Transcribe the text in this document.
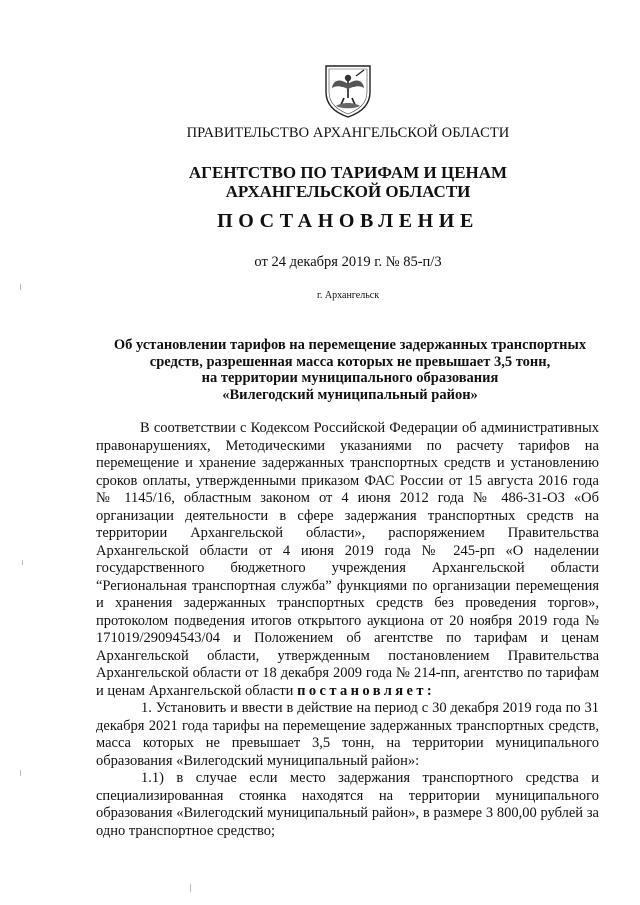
ПРАВИТЕЛЬСТВО АРХАНГЕЛЬСКОЙ ОБЛАСТИ
АГЕНТСТВО ПО ТАРИФАМ И ЦЕНАМ
АРХАНГЕЛЬСКОЙ ОБЛАСТИ
ПОСТАНОВЛЕНИЕ
от 24 декабря 2019 г. № 85-п/3
г. Архангельск
Об установлении тарифов на перемещение задержанных транспортных
средств, разрешенная масса которых не превышает 3,5 тонн,
на территории муниципального образования
«Вилегодский муниципальный район»

В соответствии с Кодексом Российской Федерации об административных правонарушениях, Методическими указаниями по расчету тарифов на перемещение и хранение задержанных транспортных средств и установлению сроков оплаты, утвержденными приказом ФАС России от 15 августа 2016 года № 1145/16, областным законом от 4 июня 2012 года № 486-31-ОЗ «Об организации деятельности в сфере задержания транспортных средств на территории Архангельской области», распоряжением Правительства Архангельской области от 4 июня 2019 года № 245-рп «О наделении государственного бюджетного учреждения Архангельской области “Региональная транспортная служба” функциями по организации перемещения и хранения задержанных транспортных средств без проведения торгов», протоколом подведения итогов открытого аукциона от 20 ноября 2019 года № 171019/29094543/04 и Положением об агентстве по тарифам и ценам Архангельской области, утвержденным постановлением Правительства Архангельской области от 18 декабря 2009 года № 214-пп, агентство по тарифам и ценам Архангельской области постановляет:

1. Установить и ввести в действие на период с 30 декабря 2019 года по 31 декабря 2021 года тарифы на перемещение задержанных транспортных средств, масса которых не превышает 3,5 тонн, на территории муниципального образования «Вилегодский муниципальный район»:

1.1) в случае если место задержания транспортного средства и специализированная стоянка находятся на территории муниципального образования «Вилегодский муниципальный район», в размере 3 800,00 рублей за одно транспортное средство;
